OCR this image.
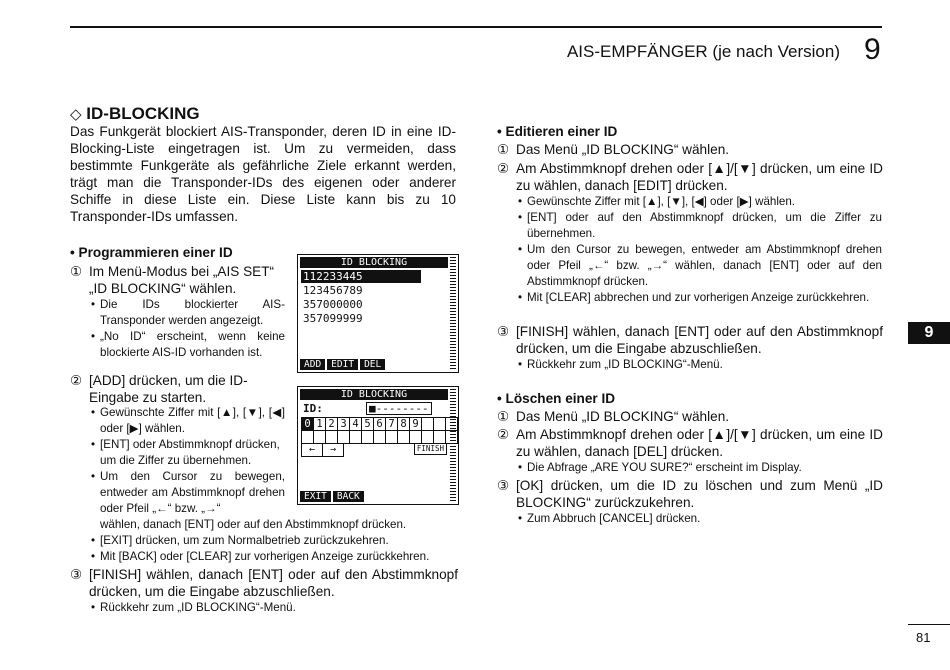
AIS-EMPFÄNGER (je nach Version) 9
9
81
◇ ID-BLOCKING
Das Funkgerät blockiert AIS-Transponder, deren ID in eine ID-Blocking-Liste eingetragen ist. Um zu vermeiden, dass bestimmte Funkgeräte als gefährliche Ziele erkannt werden, trägt man die Transponder-IDs des eigenen oder anderer Schiffe in diese Liste ein. Diese Liste kann bis zu 10 Transponder-IDs umfassen.
• Programmieren einer ID
① Im Menü-Modus bei „AIS SET“ „ID BLOCKING“ wählen.
• Die IDs blockierter AIS-Transponder werden angezeigt.
• „No ID“ erscheint, wenn keine blockierte AIS-ID vorhanden ist.
② [ADD] drücken, um die ID-Eingabe zu starten.
• Gewünschte Ziffer mit [▲], [▼], [◀] oder [▶] wählen.
• [ENT] oder Abstimmknopf drücken, um die Ziffer zu übernehmen.
• Um den Cursor zu bewegen, entweder am Abstimmknopf drehen oder Pfeil „←“ bzw. „→“
wählen, danach [ENT] oder auf den Abstimmknopf drücken.
• [EXIT] drücken, um zum Normalbetrieb zurückzukehren.
• Mit [BACK] oder [CLEAR] zur vorherigen Anzeige zurückkehren.
③ [FINISH] wählen, danach [ENT] oder auf den Abstimmknopf drücken, um die Eingabe abzuschließen.
• Rückkehr zum „ID BLOCKING“-Menü.
ID BLOCKING
112233445
123456789
357000000
357099999
ADD	EDIT	DEL
ID BLOCKING
ID:	■--------
0 1 2 3 4 5 6 7 8 9
← →	FINISH
EXIT	BACK
• Editieren einer ID
① Das Menü „ID BLOCKING“ wählen.
② Am Abstimmknopf drehen oder [▲]/[▼] drücken, um eine ID zu wählen, danach [EDIT] drücken.
• Gewünschte Ziffer mit [▲], [▼], [◀] oder [▶] wählen.
• [ENT] oder auf den Abstimmknopf drücken, um die Ziffer zu übernehmen.
• Um den Cursor zu bewegen, entweder am Abstimmknopf drehen oder Pfeil „←“ bzw. „→“ wählen, danach [ENT] oder auf den Abstimmknopf drücken.
• Mit [CLEAR] abbrechen und zur vorherigen Anzeige zurückkehren.
③ [FINISH] wählen, danach [ENT] oder auf den Abstimmknopf drücken, um die Eingabe abzuschließen.
• Rückkehr zum „ID BLOCKING“-Menü.
• Löschen einer ID
① Das Menü „ID BLOCKING“ wählen.
② Am Abstimmknopf drehen oder [▲]/[▼] drücken, um eine ID zu wählen, danach [DEL] drücken.
• Die Abfrage „ARE YOU SURE?“ erscheint im Display.
③ [OK] drücken, um die ID zu löschen und zum Menü „ID BLOCKING“ zurückzukehren.
• Zum Abbruch [CANCEL] drücken.
